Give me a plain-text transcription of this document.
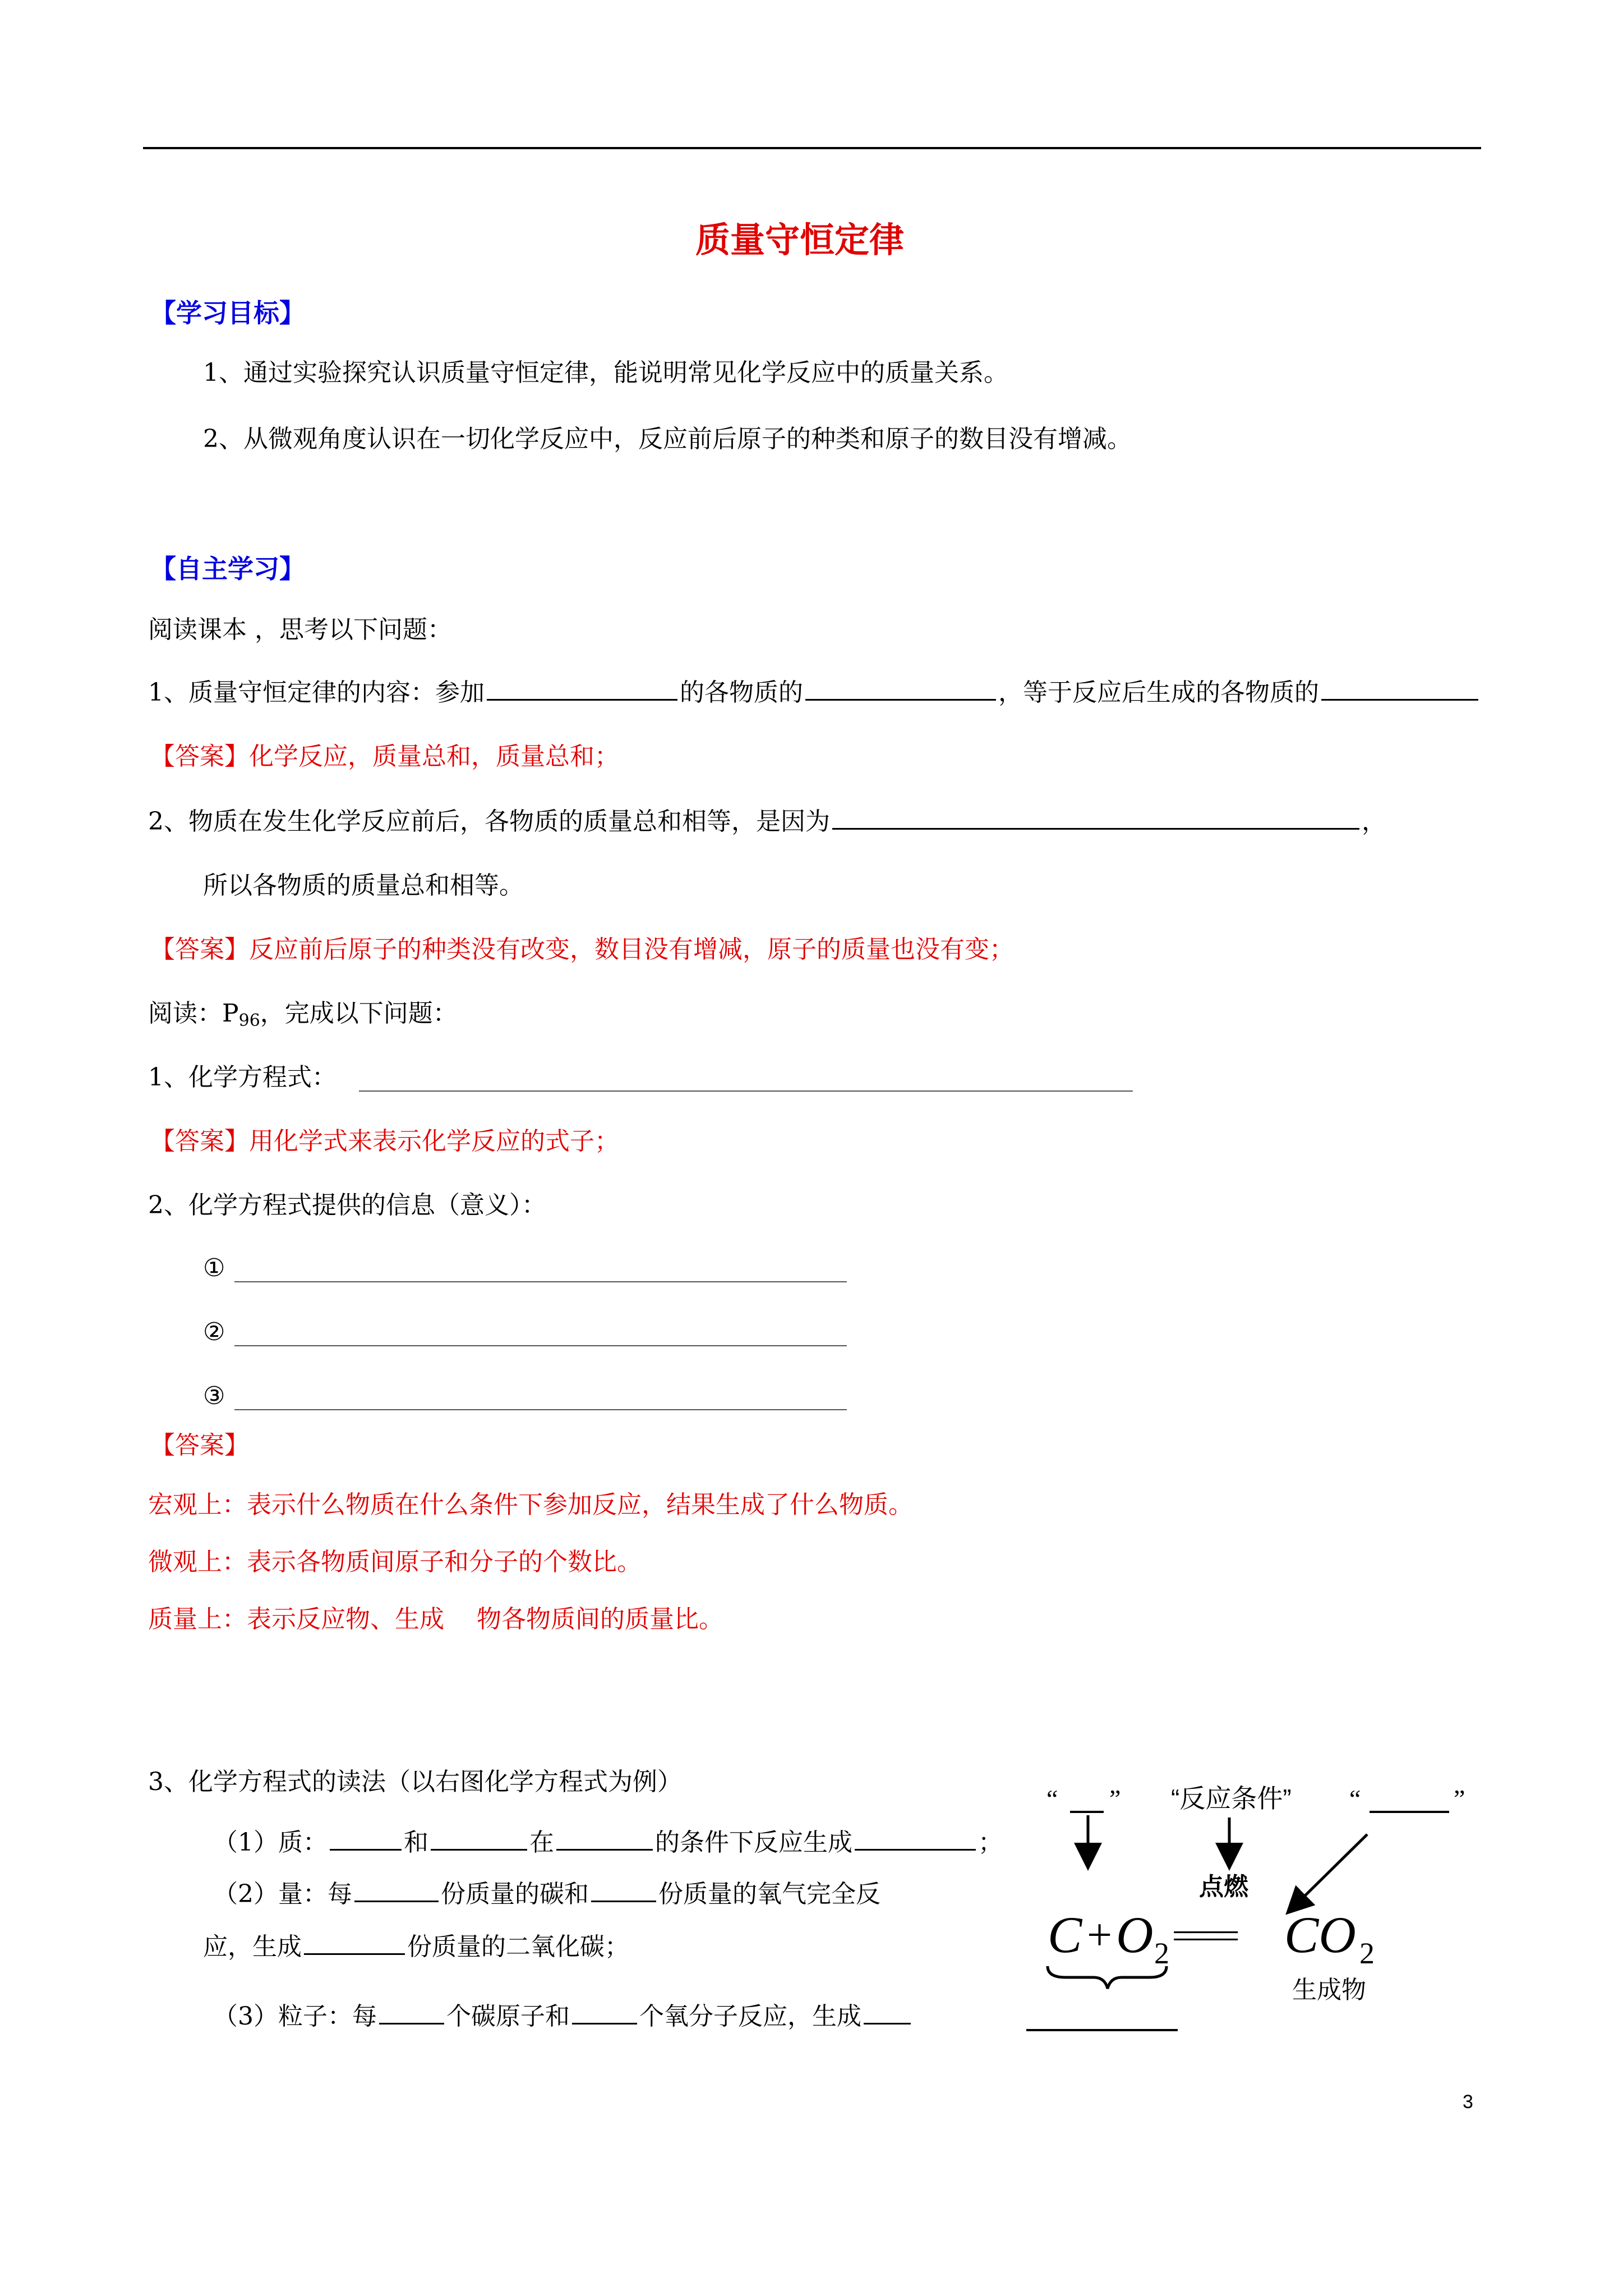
质量守恒定律
【学习目标】
1、通过实验探究认识质量守恒定律，能说明常见化学反应中的质量关系。
2、从微观角度认识在一切化学反应中，反应前后原子的种类和原子的数目没有增减。
【自主学习】
阅读课本 ，思考以下问题：
1、质量守恒定律的内容：参加	的各物质的	，等于反应后生成的各物质的
【答案】化学反应，质量总和，质量总和；
2、物质在发生化学反应前后，各物质的质量总和相等，是因为	，
所以各物质的质量总和相等。
【答案】反应前后原子的种类没有改变，数目没有增减，原子的质量也没有变；
阅读：$P_{96}$，完成以下问题：
1、化学方程式：
【答案】用化学式来表示化学反应的式子；
2、化学方程式提供的信息（意义）：
①
②
③
【答案】
宏观上：表示什么物质在什么条件下参加反应，结果生成了什么物质。
微观上：表示各物质间原子和分子的个数比。
质量上：表示反应物、生成　 物各物质间的质量比。
3、化学方程式的读法（以右图化学方程式为例）
（1）质：	和	在	的条件下反应生成	；
（2）量：每	份质量的碳和	份质量的氧气完全反
应，生成	份质量的二氧化碳；
（3）粒子：每	个碳原子和	个氧分子反应，生成
“ ” “反应条件” “	”
点燃
C + O 2 ==== CO 2
生成物
3
